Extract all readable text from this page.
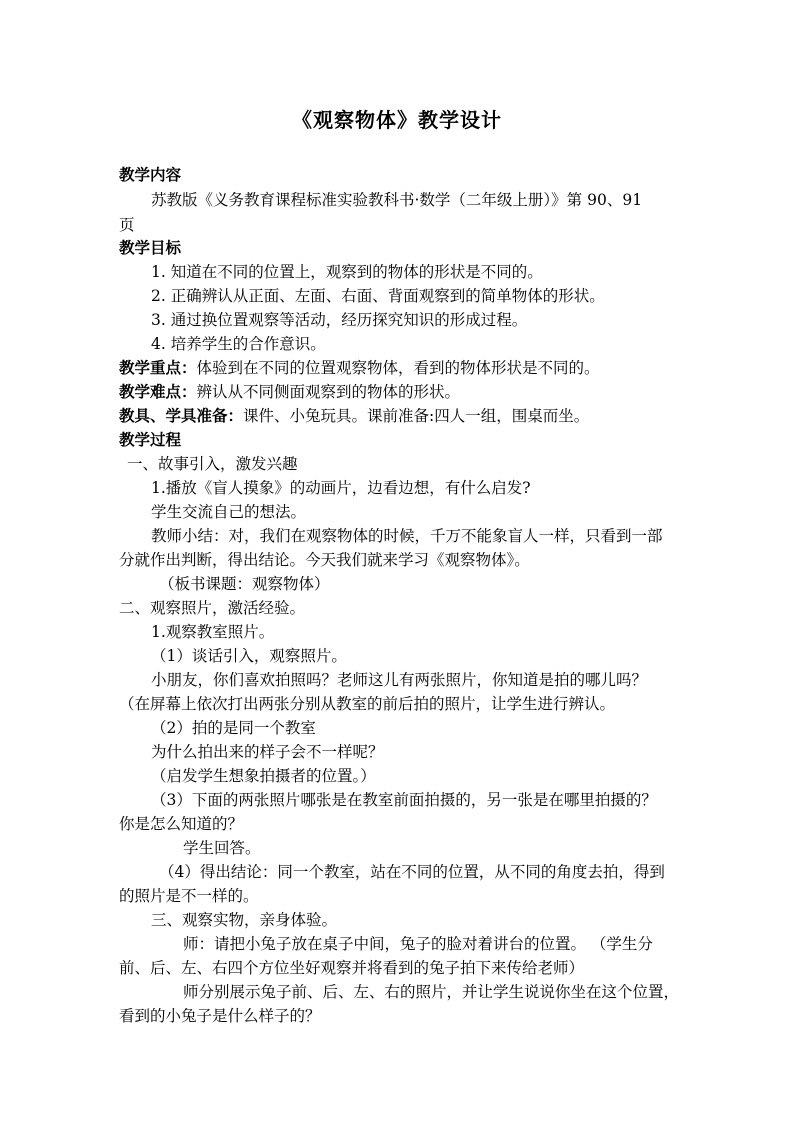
《观察物体》教学设计
教学内容
苏教版《义务教育课程标准实验教科书·数学（二年级上册）》第 90、91
页
教学目标
1. 知道在不同的位置上，观察到的物体的形状是不同的。
2. 正确辨认从正面、左面、右面、背面观察到的简单物体的形状。
3. 通过换位置观察等活动，经历探究知识的形成过程。
4. 培养学生的合作意识。
教学重点：体验到在不同的位置观察物体，看到的物体形状是不同的。
教学难点：辨认从不同侧面观察到的物体的形状。
教具、学具准备：课件、小兔玩具。课前准备:四人一组，围桌而坐。
教学过程
一、故事引入，激发兴趣
1.播放《盲人摸象》的动画片，边看边想，有什么启发?
学生交流自己的想法。
教师小结：对，我们在观察物体的时候，千万不能象盲人一样，只看到一部
分就作出判断，得出结论。今天我们就来学习《观察物体》。
（板书课题：观察物体）
二、观察照片，激活经验。
1.观察教室照片。
（1）谈话引入，观察照片。
小朋友，你们喜欢拍照吗？老师这儿有两张照片，你知道是拍的哪儿吗？
（在屏幕上依次打出两张分别从教室的前后拍的照片，让学生进行辨认。
（2）拍的是同一个教室
为什么拍出来的样子会不一样呢？
（启发学生想象拍摄者的位置。）
（3）下面的两张照片哪张是在教室前面拍摄的，另一张是在哪里拍摄的？
你是怎么知道的？
学生回答。
（4）得出结论：同一个教室，站在不同的位置，从不同的角度去拍，得到
的照片是不一样的。
三、观察实物，亲身体验。
师：请把小兔子放在桌子中间，兔子的脸对着讲台的位置。 （学生分
前、后、左、右四个方位坐好观察并将看到的兔子拍下来传给老师）
师分别展示兔子前、后、左、右的照片，并让学生说说你坐在这个位置，
看到的小兔子是什么样子的？
